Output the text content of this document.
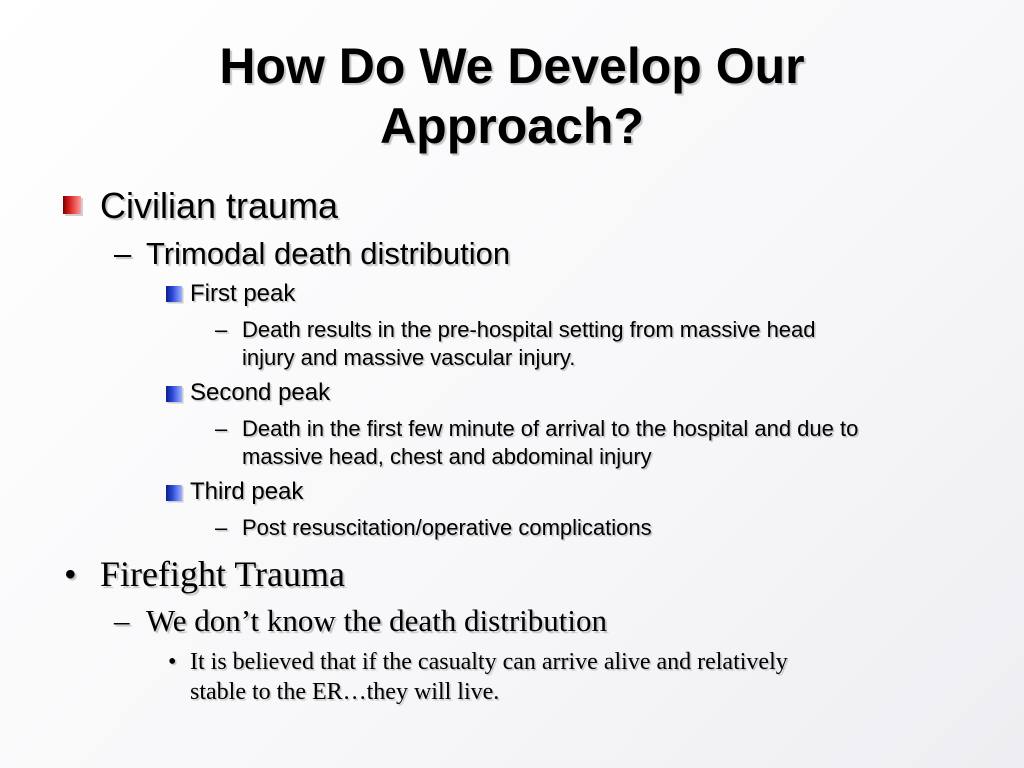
How Do We Develop Our
Approach?
Civilian trauma
– Trimodal death distribution
First peak
– Death results in the pre-hospital setting from massive head
injury and massive vascular injury.
Second peak
– Death in the first few minute of arrival to the hospital and due to
massive head, chest and abdominal injury
Third peak
– Post resuscitation/operative complications
• Firefight Trauma
– We don’t know the death distribution
• It is believed that if the casualty can arrive alive and relatively
stable to the ER…they will live.
